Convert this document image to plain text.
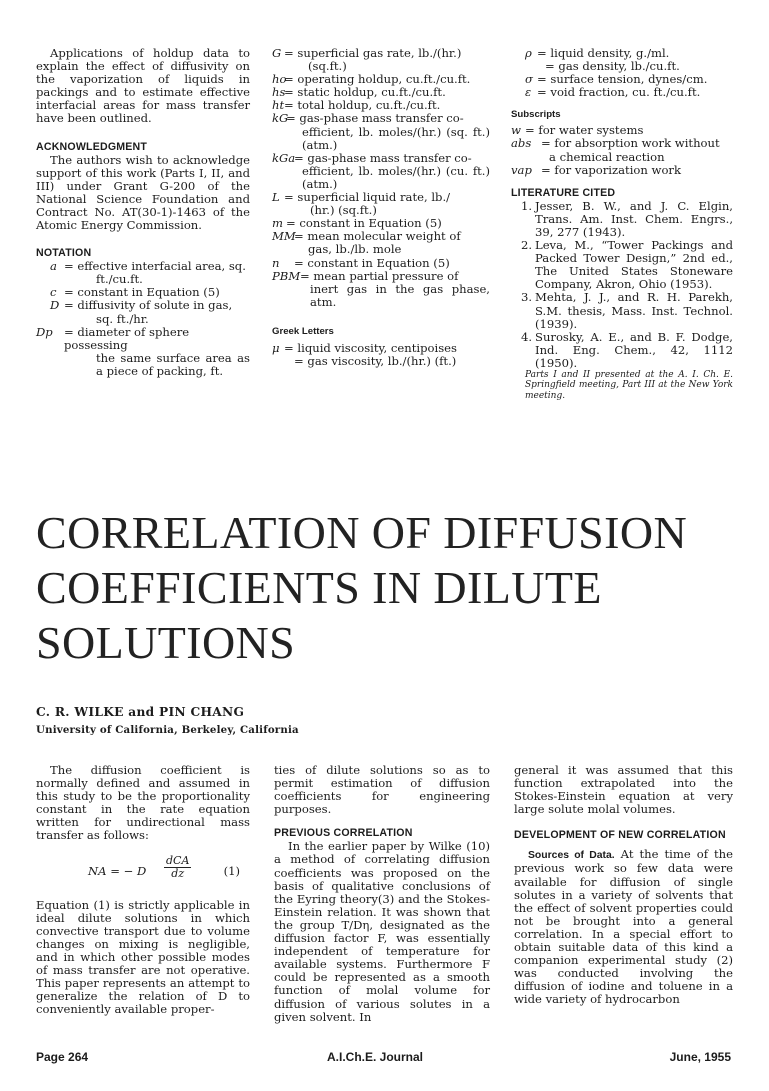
Applications of holdup data to explain the effect of diffusivity on the vaporization of liquids in packings and to estimate effective interfacial areas for mass transfer have been outlined.

ACKNOWLEDGMENT

The authors wish to acknowledge support of this work (Parts I, II, and III) under Grant G-200 of the National Science Foundation and Contract No. AT(30-1)-1463 of the Atomic Energy Commission.

NOTATION

a = effective interfacial area, sq.
ft./cu.ft.
c = constant in Equation (5)
D = diffusivity of solute in gas,
sq. ft./hr.
Dp = diameter of sphere possessing
the same surface area as a piece of packing, ft.
G = superficial gas rate, lb./(hr.)
(sq.ft.)
ho
= operating holdup, cu.ft./cu.ft.
hs
= static holdup, cu.ft./cu.ft.
ht = total holdup, cu.ft./cu.ft.
kG
= gas-phase mass transfer co-
efficient, lb. moles/(hr.) (sq. ft.) (atm.)
kGa
= gas-phase mass transfer co-
efficient, lb. moles/(hr.) (cu. ft.) (atm.)
L = superficial liquid rate, lb./
(hr.) (sq.ft.)
m = constant in Equation (5)
MM
= mean molecular weight of
gas, lb./lb. mole
n = constant in Equation (5)
PBM = mean partial pressure of
inert gas in the gas phase, atm.

Greek Letters

μ = liquid viscosity, centipoises
= gas viscosity, lb./(hr.) (ft.)
ρ = liquid density, g./ml.
= gas density, lb./cu.ft.
σ = surface tension, dynes/cm.
ε = void fraction, cu. ft./cu.ft.

Subscripts

w = for water systems
abs = for absorption work without
a chemical reaction
vap = for vaporization work

LITERATURE CITED

1. Jesser, B. W., and J. C. Elgin, Trans. Am. Inst. Chem. Engrs., 39, 277 (1943).
2. Leva, M., “Tower Packings and Packed Tower Design,” 2nd ed., The United States Stoneware Company, Akron, Ohio (1953).
3. Mehta, J. J., and R. H. Parekh, S.M. thesis, Mass. Inst. Technol. (1939).
4. Surosky, A. E., and B. F. Dodge, Ind. Eng. Chem., 42, 1112 (1950).

Parts I and II presented at the A. I. Ch. E. Springfield meeting, Part III at the New York meeting.

CORRELATION OF DIFFUSION
COEFFICIENTS IN DILUTE
SOLUTIONS

C. R. WILKE and PIN CHANG

University of California, Berkeley, California

The diffusion coefficient is normally defined and assumed in this study to be the proportionality constant in the rate equation written for undirectional mass transfer as follows:

NA = − D
dCA
dz	(1)

Equation (1) is strictly applicable in ideal dilute solutions in which convective transport due to volume changes on mixing is negligible, and in which other possible modes of mass transfer are not operative. This paper represents an attempt to generalize the relation of D to conveniently available proper-

ties of dilute solutions so as to permit estimation of diffusion coefficients for engineering purposes.

PREVIOUS CORRELATION

In the earlier paper by Wilke (10) a method of correlating diffusion coefficients was proposed on the basis of qualitative conclusions of the Eyring theory(3) and the Stokes-Einstein relation. It was shown that the group T/Dη, designated as the diffusion factor F, was essentially independent of temperature for available systems. Furthermore F could be represented as a smooth function of molal volume for diffusion of various solutes in a given solvent. In

general it was assumed that this function extrapolated into the Stokes-Einstein equation at very large solute molal volumes.

DEVELOPMENT OF NEW CORRELATION

Sources of Data. At the time of the previous work so few data were available for diffusion of single solutes in a variety of solvents that the effect of solvent properties could not be brought into a general correlation. In a special effort to obtain suitable data of this kind a companion experimental study (2) was conducted involving the diffusion of iodine and toluene in a wide variety of hydrocarbon

Page 264	A.I.Ch.E. Journal	June, 1955
